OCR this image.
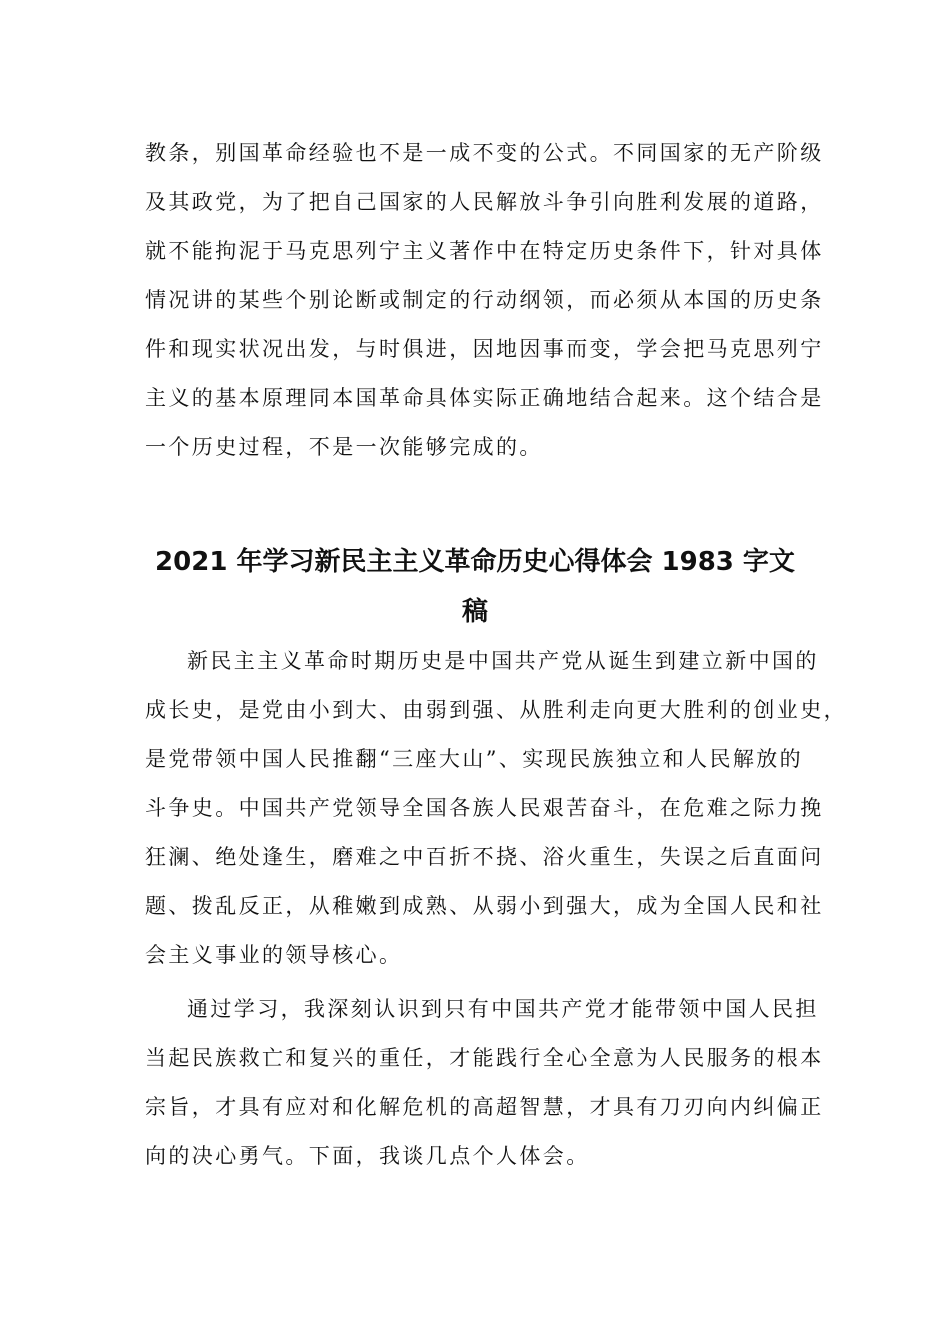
教条，别国革命经验也不是一成不变的公式。不同国家的无产阶级
及其政党，为了把自己国家的人民解放斗争引向胜利发展的道路，
就不能拘泥于马克思列宁主义著作中在特定历史条件下，针对具体
情况讲的某些个别论断或制定的行动纲领，而必须从本国的历史条
件和现实状况出发，与时俱进，因地因事而变，学会把马克思列宁
主义的基本原理同本国革命具体实际正确地结合起来。这个结合是
一个历史过程，不是一次能够完成的。
2021 年学习新民主主义革命历史心得体会 1983 字文
稿
新民主主义革命时期历史是中国共产党从诞生到建立新中国的
成长史，是党由小到大、由弱到强、从胜利走向更大胜利的创业史，
是党带领中国人民推翻“三座大山”、实现民族独立和人民解放的
斗争史。中国共产党领导全国各族人民艰苦奋斗，在危难之际力挽
狂澜、绝处逢生，磨难之中百折不挠、浴火重生，失误之后直面问
题、拨乱反正，从稚嫩到成熟、从弱小到强大，成为全国人民和社
会主义事业的领导核心。
通过学习，我深刻认识到只有中国共产党才能带领中国人民担
当起民族救亡和复兴的重任，才能践行全心全意为人民服务的根本
宗旨，才具有应对和化解危机的高超智慧，才具有刀刃向内纠偏正
向的决心勇气。下面，我谈几点个人体会。
